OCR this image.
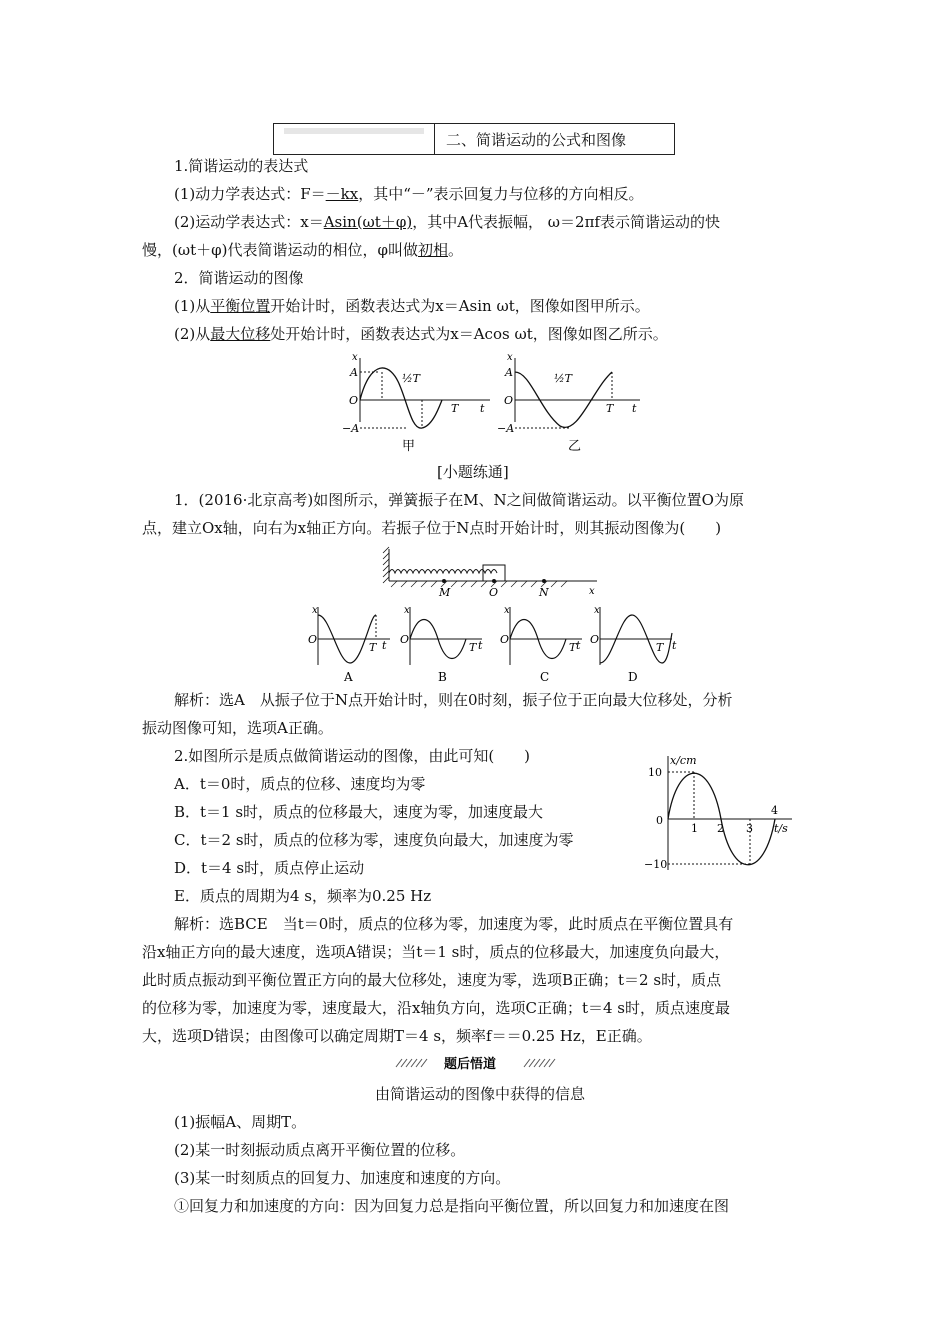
二、简谐运动的公式和图像
1.简谐运动的表达式
(1)动力学表达式：F＝－kx，其中“－”表示回复力与位移的方向相反。
(2)运动学表达式：x＝Asin(ωt＋φ)，其中A代表振幅， ω＝2πf表示简谐运动的快
慢，(ωt＋φ)代表简谐运动的相位，φ叫做初相。
2．简谐运动的图像
(1)从平衡位置开始计时，函数表达式为x＝Asin ωt，图像如图甲所示。
(2)从最大位移处开始计时，函数表达式为x＝Acos ωt，图像如图乙所示。
x
A
O
−A
½T
T t
甲
x
A
O
−A
½T
T t
乙
[小题练通]
1．(2016·北京高考)如图所示，弹簧振子在M、N之间做简谐运动。以平衡位置O为原
点，建立Ox轴，向右为x轴正方向。若振子位于N点时开始计时，则其振动图像为(　　)
M	O	N	x
x	x	x	x
O	O	O	O
T	T	T	T
t	t	t	t
A	B	C	D
解析：选A　从振子位于N点开始计时，则在0时刻，振子位于正向最大位移处，分析
振动图像可知，选项A正确。
2.如图所示是质点做简谐运动的图像，由此可知(　　)
A．t＝0时，质点的位移、速度均为零
B．t＝1 s时，质点的位移最大，速度为零，加速度最大
C．t＝2 s时，质点的位移为零，速度负向最大，加速度为零
D．t＝4 s时，质点停止运动
E．质点的周期为4 s，频率为0.25 Hz
x/cm
10
0
−10
1 2 3
4
t/s
解析：选BCE　当t＝0时，质点的位移为零，加速度为零，此时质点在平衡位置具有
沿x轴正方向的最大速度，选项A错误；当t＝1 s时，质点的位移最大，加速度负向最大，
此时质点振动到平衡位置正方向的最大位移处，速度为零，选项B正确；t＝2 s时，质点
的位移为零，加速度为零，速度最大，沿x轴负方向，选项C正确；t＝4 s时，质点速度最
大，选项D错误；由图像可以确定周期T＝4 s，频率f＝＝0.25 Hz，E正确。
题后悟道
由简谐运动的图像中获得的信息
(1)振幅A、周期T。
(2)某一时刻振动质点离开平衡位置的位移。
(3)某一时刻质点的回复力、加速度和速度的方向。
①回复力和加速度的方向：因为回复力总是指向平衡位置，所以回复力和加速度在图
